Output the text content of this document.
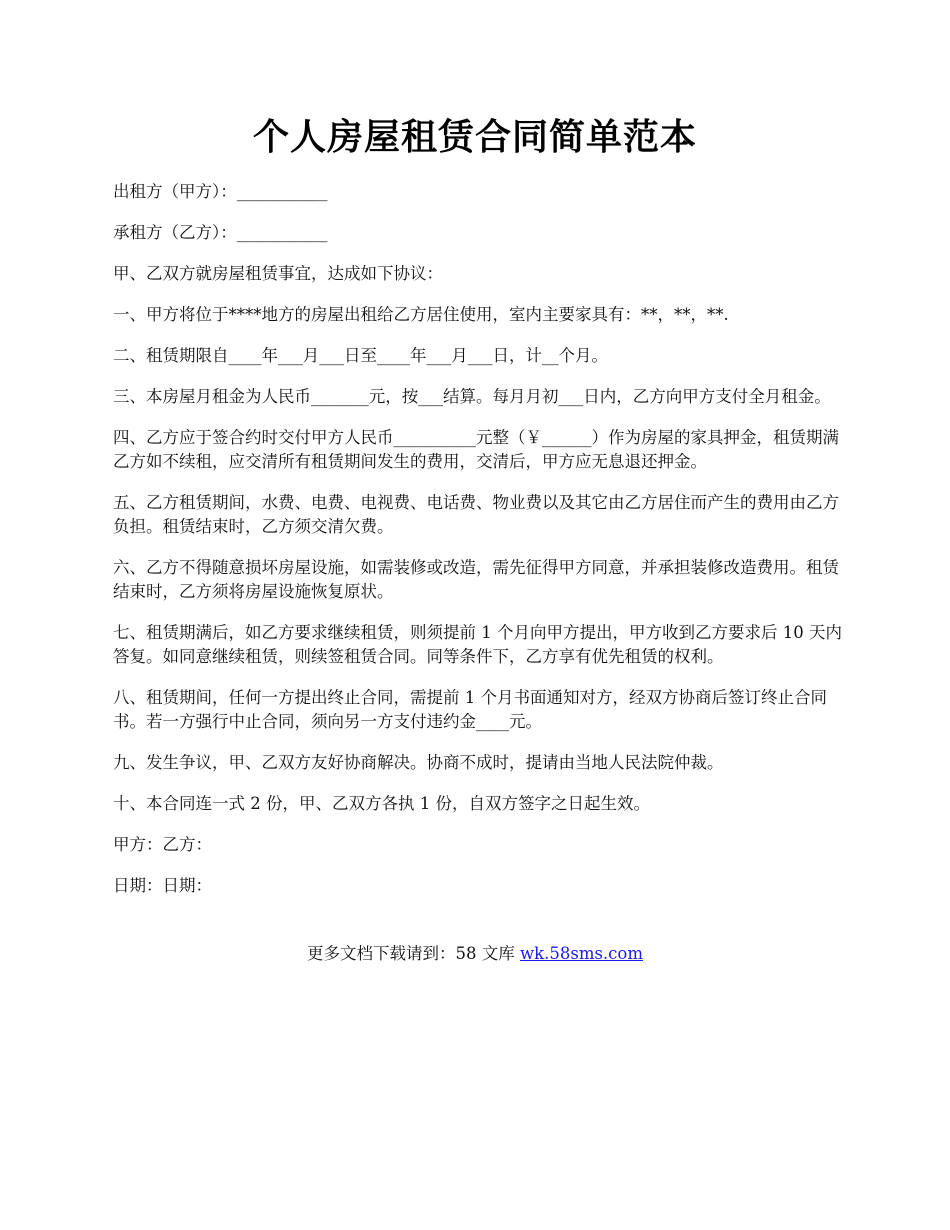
个人房屋租赁合同简单范本

出租方（甲方）：___________

承租方（乙方）：___________

甲、乙双方就房屋租赁事宜，达成如下协议：

一、甲方将位于****地方的房屋出租给乙方居住使用，室内主要家具有：**，**，**.

二、租赁期限自____年___月___日至____年___月___日，计__个月。

三、本房屋月租金为人民币_______元，按___结算。每月月初___日内，乙方向甲方支付全月租金。

四、乙方应于签合约时交付甲方人民币__________元整（￥______）作为房屋的家具押金，租赁期满乙方如不续租，应交清所有租赁期间发生的费用，交清后，甲方应无息退还押金。

五、乙方租赁期间，水费、电费、电视费、电话费、物业费以及其它由乙方居住而产生的费用由乙方负担。租赁结束时，乙方须交清欠费。

六、乙方不得随意损坏房屋设施，如需装修或改造，需先征得甲方同意，并承担装修改造费用。租赁结束时，乙方须将房屋设施恢复原状。

七、租赁期满后，如乙方要求继续租赁，则须提前 1 个月向甲方提出，甲方收到乙方要求后 10 天内答复。如同意继续租赁，则续签租赁合同。同等条件下，乙方享有优先租赁的权利。

八、租赁期间，任何一方提出终止合同，需提前 1 个月书面通知对方，经双方协商后签订终止合同书。若一方强行中止合同，须向另一方支付违约金____元。

九、发生争议，甲、乙双方友好协商解决。协商不成时，提请由当地人民法院仲裁。

十、本合同连一式 2 份，甲、乙双方各执 1 份，自双方签字之日起生效。

甲方：乙方：

日期：日期：

更多文档下载请到：58 文库 wk.58sms.com
